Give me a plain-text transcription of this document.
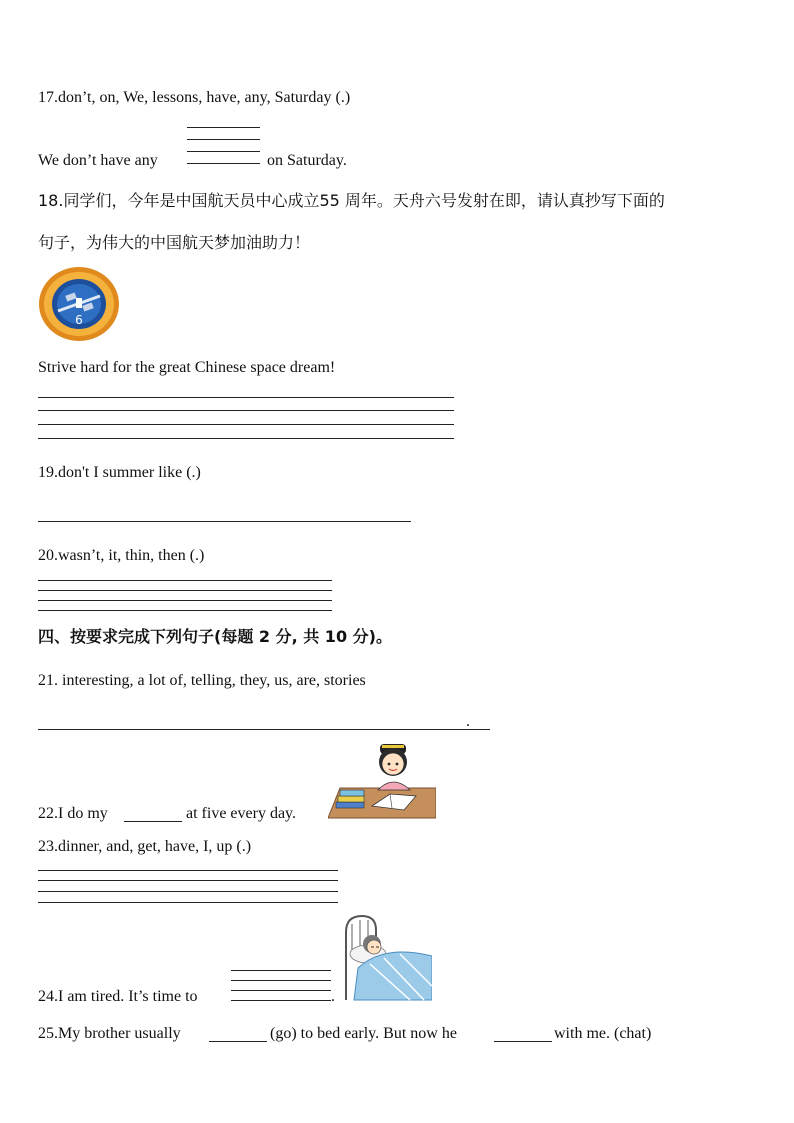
17.don’t, on, We, lessons, have, any, Saturday (.)
We don’t have any	on Saturday.
18.同学们，今年是中国航天员中心成立55 周年。天舟六号发射在即，请认真抄写下面的
句子，为伟大的中国航天梦加油助力！
6
Strive hard for the great Chinese space dream!
19.don't I summer like (.)
20.wasn’t, it, thin, then (.)
四、按要求完成下列句子(每题 2 分, 共 10 分)。
21. interesting, a lot of, telling, they, us, are, stories
.
22.I do my	at five every day.
23.dinner, and, get, have, I, up (.)
24.I am tired. It’s time to	.
25.My brother usually	(go) to bed early. But now he	with me. (chat)
